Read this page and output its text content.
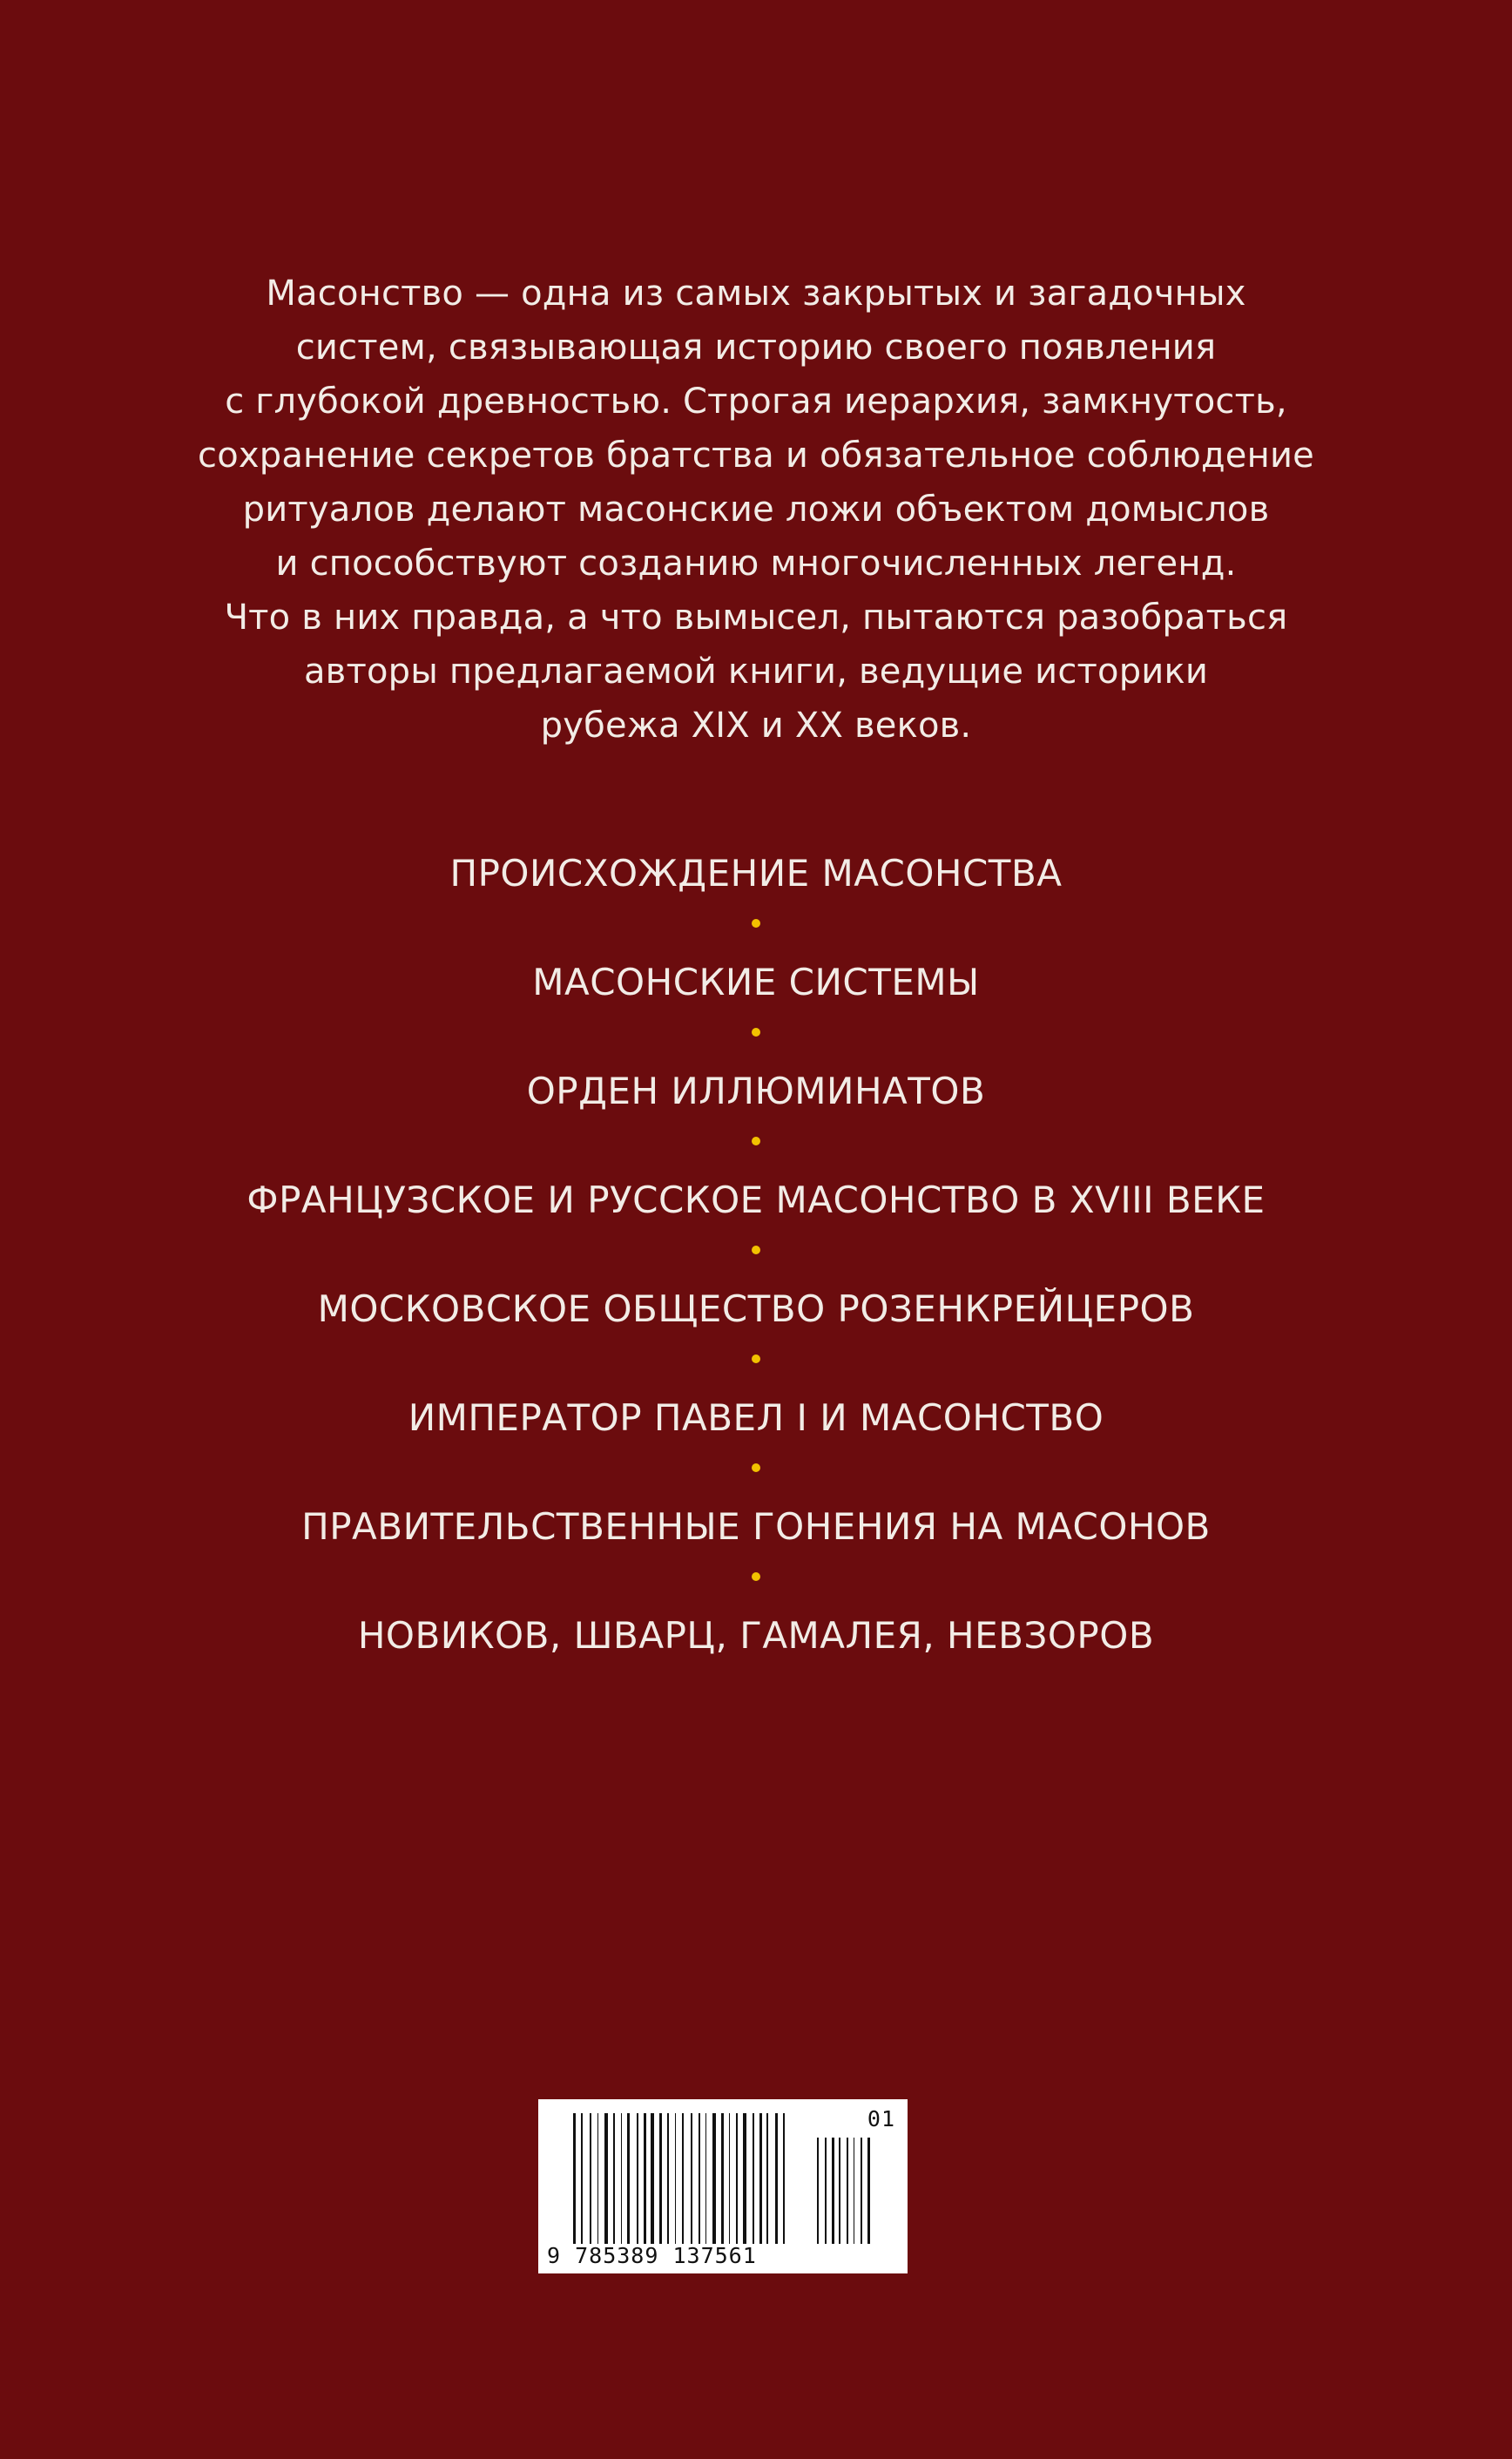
Масонство — одна из самых закрытых и загадочных
систем, связывающая историю своего появления
с глубокой древностью. Строгая иерархия, замкнутость,
сохранение секретов братства и обязательное соблюдение
ритуалов делают масонские ложи объектом домыслов
и способствуют созданию многочисленных легенд.
Что в них правда, а что вымысел, пытаются разобраться
авторы предлагаемой книги, ведущие историки
рубежа XIX и XX веков.

ПРОИСХОЖДЕНИЕ МАСОНСТВА
МАСОНСКИЕ СИСТЕМЫ
ОРДЕН ИЛЛЮМИНАТОВ
ФРАНЦУЗСКОЕ И РУССКОЕ МАСОНСТВО В XVIII ВЕКЕ
МОСКОВСКОЕ ОБЩЕСТВО РОЗЕНКРЕЙЦЕРОВ
ИМПЕРАТОР ПАВЕЛ I И МАСОНСТВО
ПРАВИТЕЛЬСТВЕННЫЕ ГОНЕНИЯ НА МАСОНОВ
НОВИКОВ, ШВАРЦ, ГАМАЛЕЯ, НЕВЗОРОВ
01
9 785389 137561
